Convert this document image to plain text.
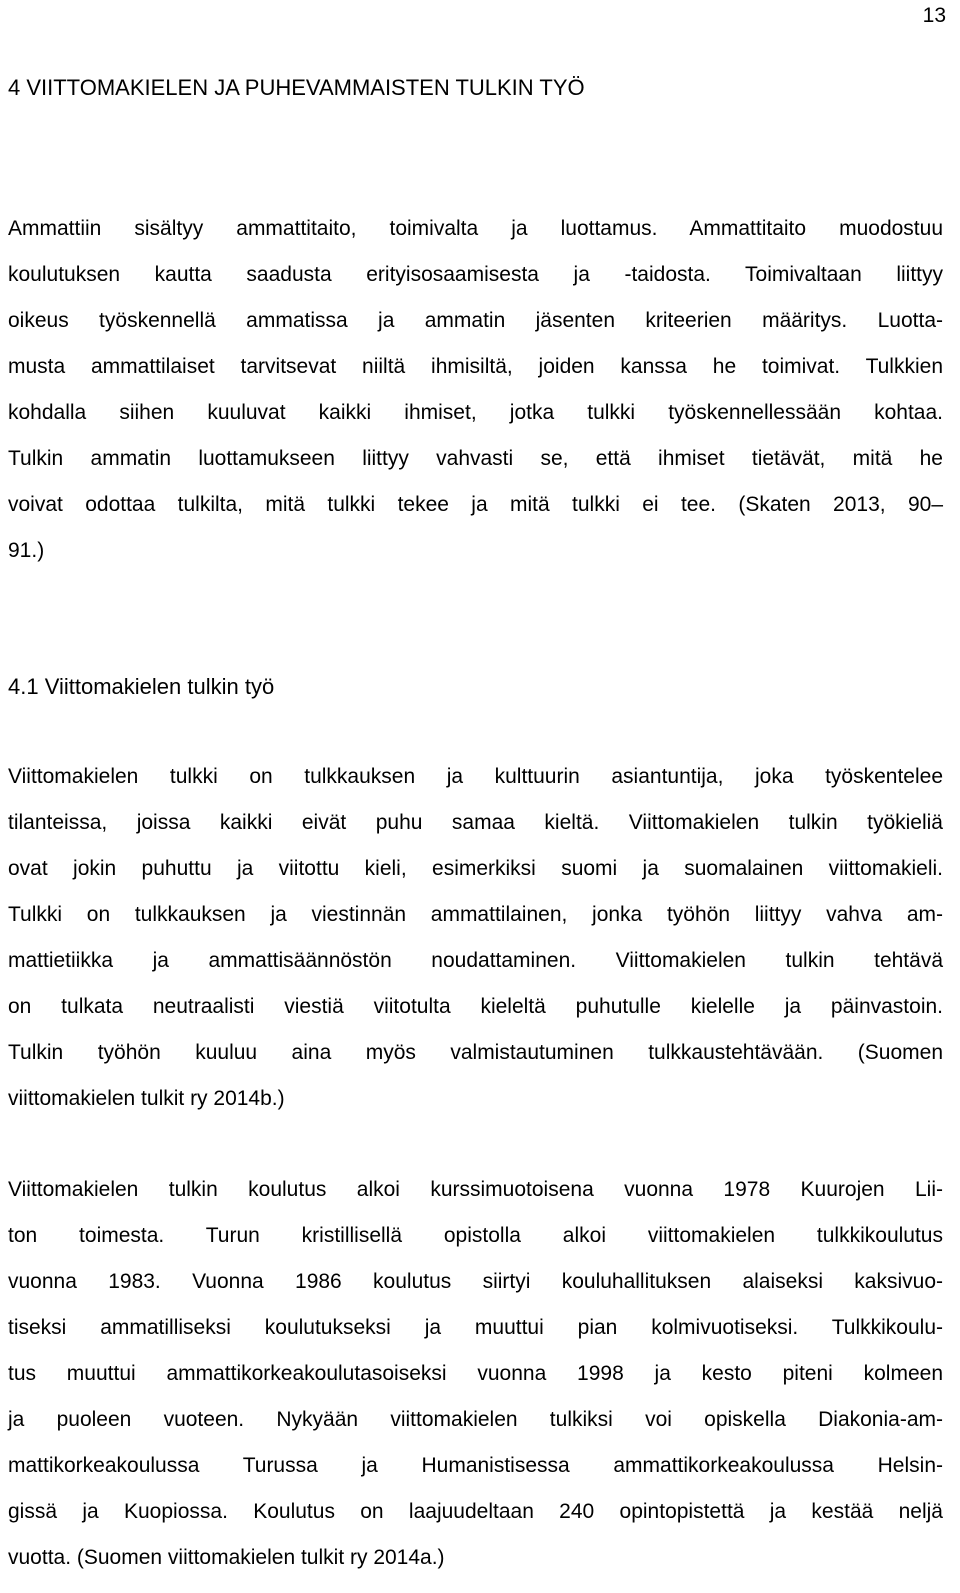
13
4 VIITTOMAKIELEN JA PUHEVAMMAISTEN TULKIN TYÖ
Ammattiin sisältyy ammattitaito, toimivalta ja luottamus. Ammattitaito muodostuu
koulutuksen kautta saadusta erityisosaamisesta ja -taidosta. Toimivaltaan liittyy
oikeus työskennellä ammatissa ja ammatin jäsenten kriteerien määritys. Luotta-
musta ammattilaiset tarvitsevat niiltä ihmisiltä, joiden kanssa he toimivat. Tulkkien
kohdalla siihen kuuluvat kaikki ihmiset, jotka tulkki työskennellessään kohtaa.
Tulkin ammatin luottamukseen liittyy vahvasti se, että ihmiset tietävät, mitä he
voivat odottaa tulkilta, mitä tulkki tekee ja mitä tulkki ei tee. (Skaten 2013, 90–
91.)
4.1 Viittomakielen tulkin työ
Viittomakielen tulkki on tulkkauksen ja kulttuurin asiantuntija, joka työskentelee
tilanteissa, joissa kaikki eivät puhu samaa kieltä. Viittomakielen tulkin työkieliä
ovat jokin puhuttu ja viitottu kieli, esimerkiksi suomi ja suomalainen viittomakieli.
Tulkki on tulkkauksen ja viestinnän ammattilainen, jonka työhön liittyy vahva am-
mattietiikka ja ammattisäännöstön noudattaminen. Viittomakielen tulkin tehtävä
on tulkata neutraalisti viestiä viitotulta kieleltä puhutulle kielelle ja päinvastoin.
Tulkin työhön kuuluu aina myös valmistautuminen tulkkaustehtävään. (Suomen
viittomakielen tulkit ry 2014b.)
Viittomakielen tulkin koulutus alkoi kurssimuotoisena vuonna 1978 Kuurojen Lii-
ton toimesta. Turun kristillisellä opistolla alkoi viittomakielen tulkkikoulutus
vuonna 1983. Vuonna 1986 koulutus siirtyi kouluhallituksen alaiseksi kaksivuo-
tiseksi ammatilliseksi koulutukseksi ja muuttui pian kolmivuotiseksi. Tulkkikoulu-
tus muuttui ammattikorkeakoulutasoiseksi vuonna 1998 ja kesto piteni kolmeen
ja puoleen vuoteen. Nykyään viittomakielen tulkiksi voi opiskella Diakonia-am-
mattikorkeakoulussa Turussa ja Humanistisessa ammattikorkeakoulussa Helsin-
gissä ja Kuopiossa. Koulutus on laajuudeltaan 240 opintopistettä ja kestää neljä
vuotta. (Suomen viittomakielen tulkit ry 2014a.)
